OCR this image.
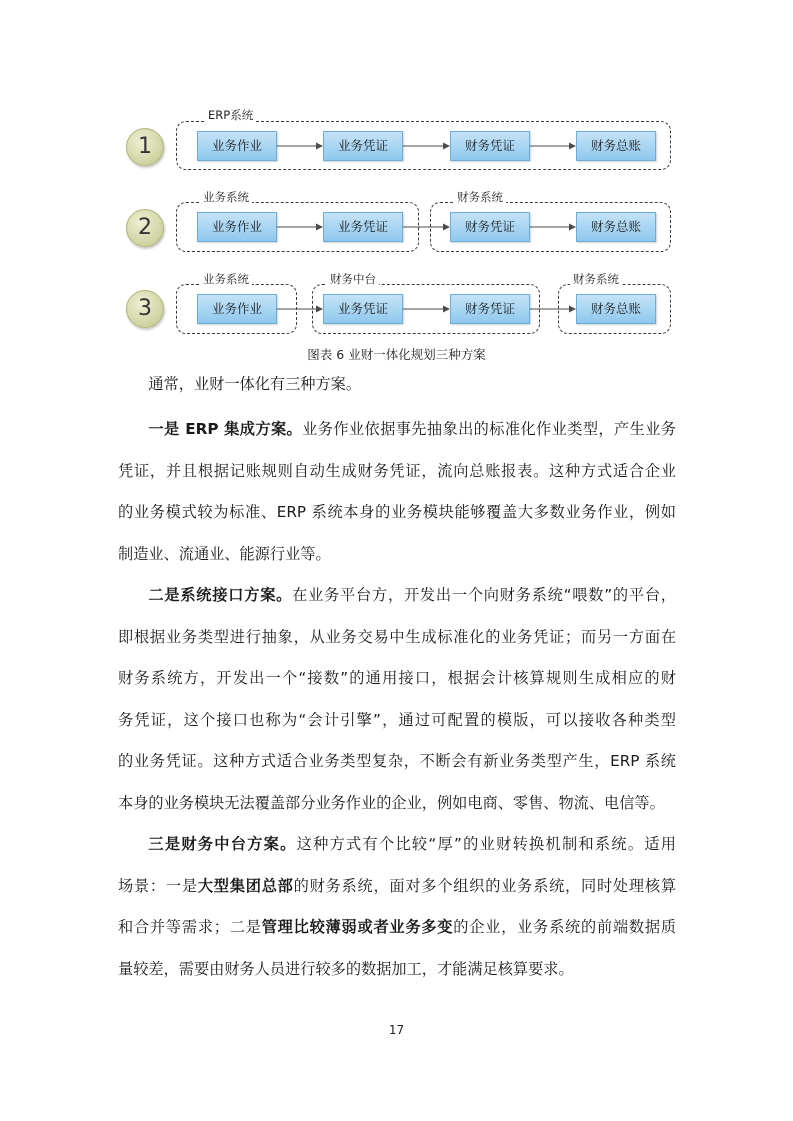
1
ERP系统
业务作业	业务凭证	财务凭证	财务总账
2
业务系统	财务系统
业务作业	业务凭证	财务凭证	财务总账
3
业务系统	财务中台	财务系统
业务作业	业务凭证	财务凭证	财务总账
图表 6 业财一体化规划三种方案
通常，业财一体化有三种方案。
一是 ERP 集成方案。业务作业依据事先抽象出的标准化作业类型，产生业务
凭证，并且根据记账规则自动生成财务凭证，流向总账报表。这种方式适合企业
的业务模式较为标准、ERP 系统本身的业务模块能够覆盖大多数业务作业，例如
制造业、流通业、能源行业等。
二是系统接口方案。在业务平台方，开发出一个向财务系统“喂数”的平台，
即根据业务类型进行抽象，从业务交易中生成标准化的业务凭证；而另一方面在
财务系统方，开发出一个“接数”的通用接口，根据会计核算规则生成相应的财
务凭证，这个接口也称为“会计引擎”，通过可配置的模版，可以接收各种类型
的业务凭证。这种方式适合业务类型复杂，不断会有新业务类型产生，ERP 系统
本身的业务模块无法覆盖部分业务作业的企业，例如电商、零售、物流、电信等。
三是财务中台方案。这种方式有个比较“厚”的业财转换机制和系统。适用
场景：一是大型集团总部的财务系统，面对多个组织的业务系统，同时处理核算
和合并等需求；二是管理比较薄弱或者业务多变的企业，业务系统的前端数据质
量较差，需要由财务人员进行较多的数据加工，才能满足核算要求。
17
